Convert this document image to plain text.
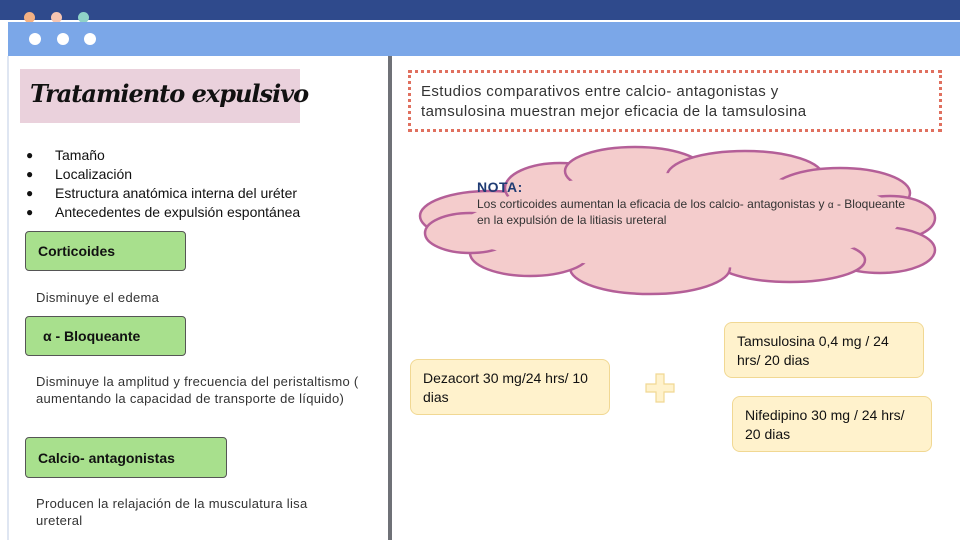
Tratamiento expulsivo
● Tamaño
● Localización
● Estructura anatómica interna del uréter
● Antecedentes de expulsión espontánea
Corticoides
Disminuye el edema
α - Bloqueante
Disminuye la amplitud y frecuencia del peristaltismo ( aumentando la capacidad de transporte de líquido)
Calcio- antagonistas
Producen la relajación de la musculatura lisa ureteral
Estudios comparativos entre calcio- antagonistas y
tamsulosina muestran mejor eficacia de la tamsulosina
NOTA:
Los corticoides aumentan la eficacia de los calcio- antagonistas y α - Bloqueante en la expulsión de la litiasis ureteral
Dezacort 30 mg/24 hrs/ 10 dias
Tamsulosina 0,4 mg / 24 hrs/ 20 dias
Nifedipino 30 mg / 24 hrs/ 20 dias
